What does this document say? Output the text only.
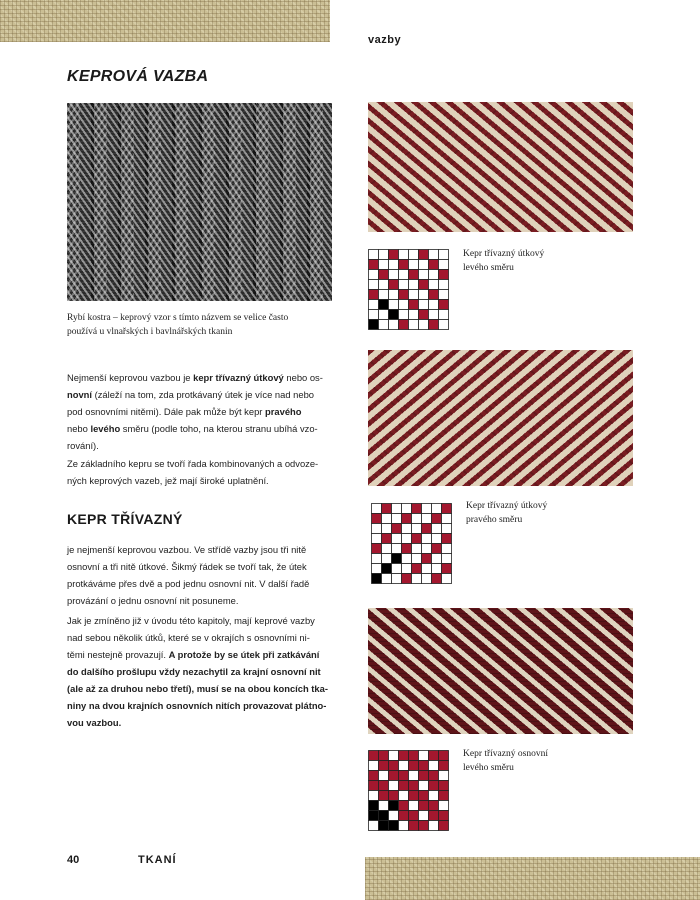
vazby
KEPROVÁ VAZBA
Rybí kostra – keprový vzor s tímto názvem se velice často
používá u vlnařských i bavlnářských tkanin
Nejmenší keprovou vazbou je kepr třívazný útkový nebo os-
novní (záleží na tom, zda protkávaný útek je více nad nebo
pod osnovními nitěmi). Dále pak může být kepr pravého
nebo levého směru (podle toho, na kterou stranu ubíhá vzo-
rování).
Ze základního kepru se tvoří řada kombinovaných a odvoze-
ných keprových vazeb, jež mají široké uplatnění.
KEPR TŘÍVAZNÝ
je nejmenší keprovou vazbou. Ve střídě vazby jsou tři nitě
osnovní a tři nitě útkové. Šikmý řádek se tvoří tak, že útek
protkáváme přes dvě a pod jednu osnovní nit. V další řadě
provázání o jednu osnovní nit posuneme.
Jak je zmíněno již v úvodu této kapitoly, mají keprové vazby
nad sebou několik útků, které se v okrajích s osnovními ni-
těmi nestejně provazují. A protože by se útek při zatkávání
do dalšího prošlupu vždy nezachytil za krajní osnovní nit
(ale až za druhou nebo třetí), musí se na obou koncích tka-
niny na dvou krajních osnovních nitích provazovat plátno-
vou vazbou.
Kepr třívazný útkový
levého směru
Kepr třívazný útkový
pravého směru
Kepr třívazný osnovní
levého směru
40	TKANÍ
